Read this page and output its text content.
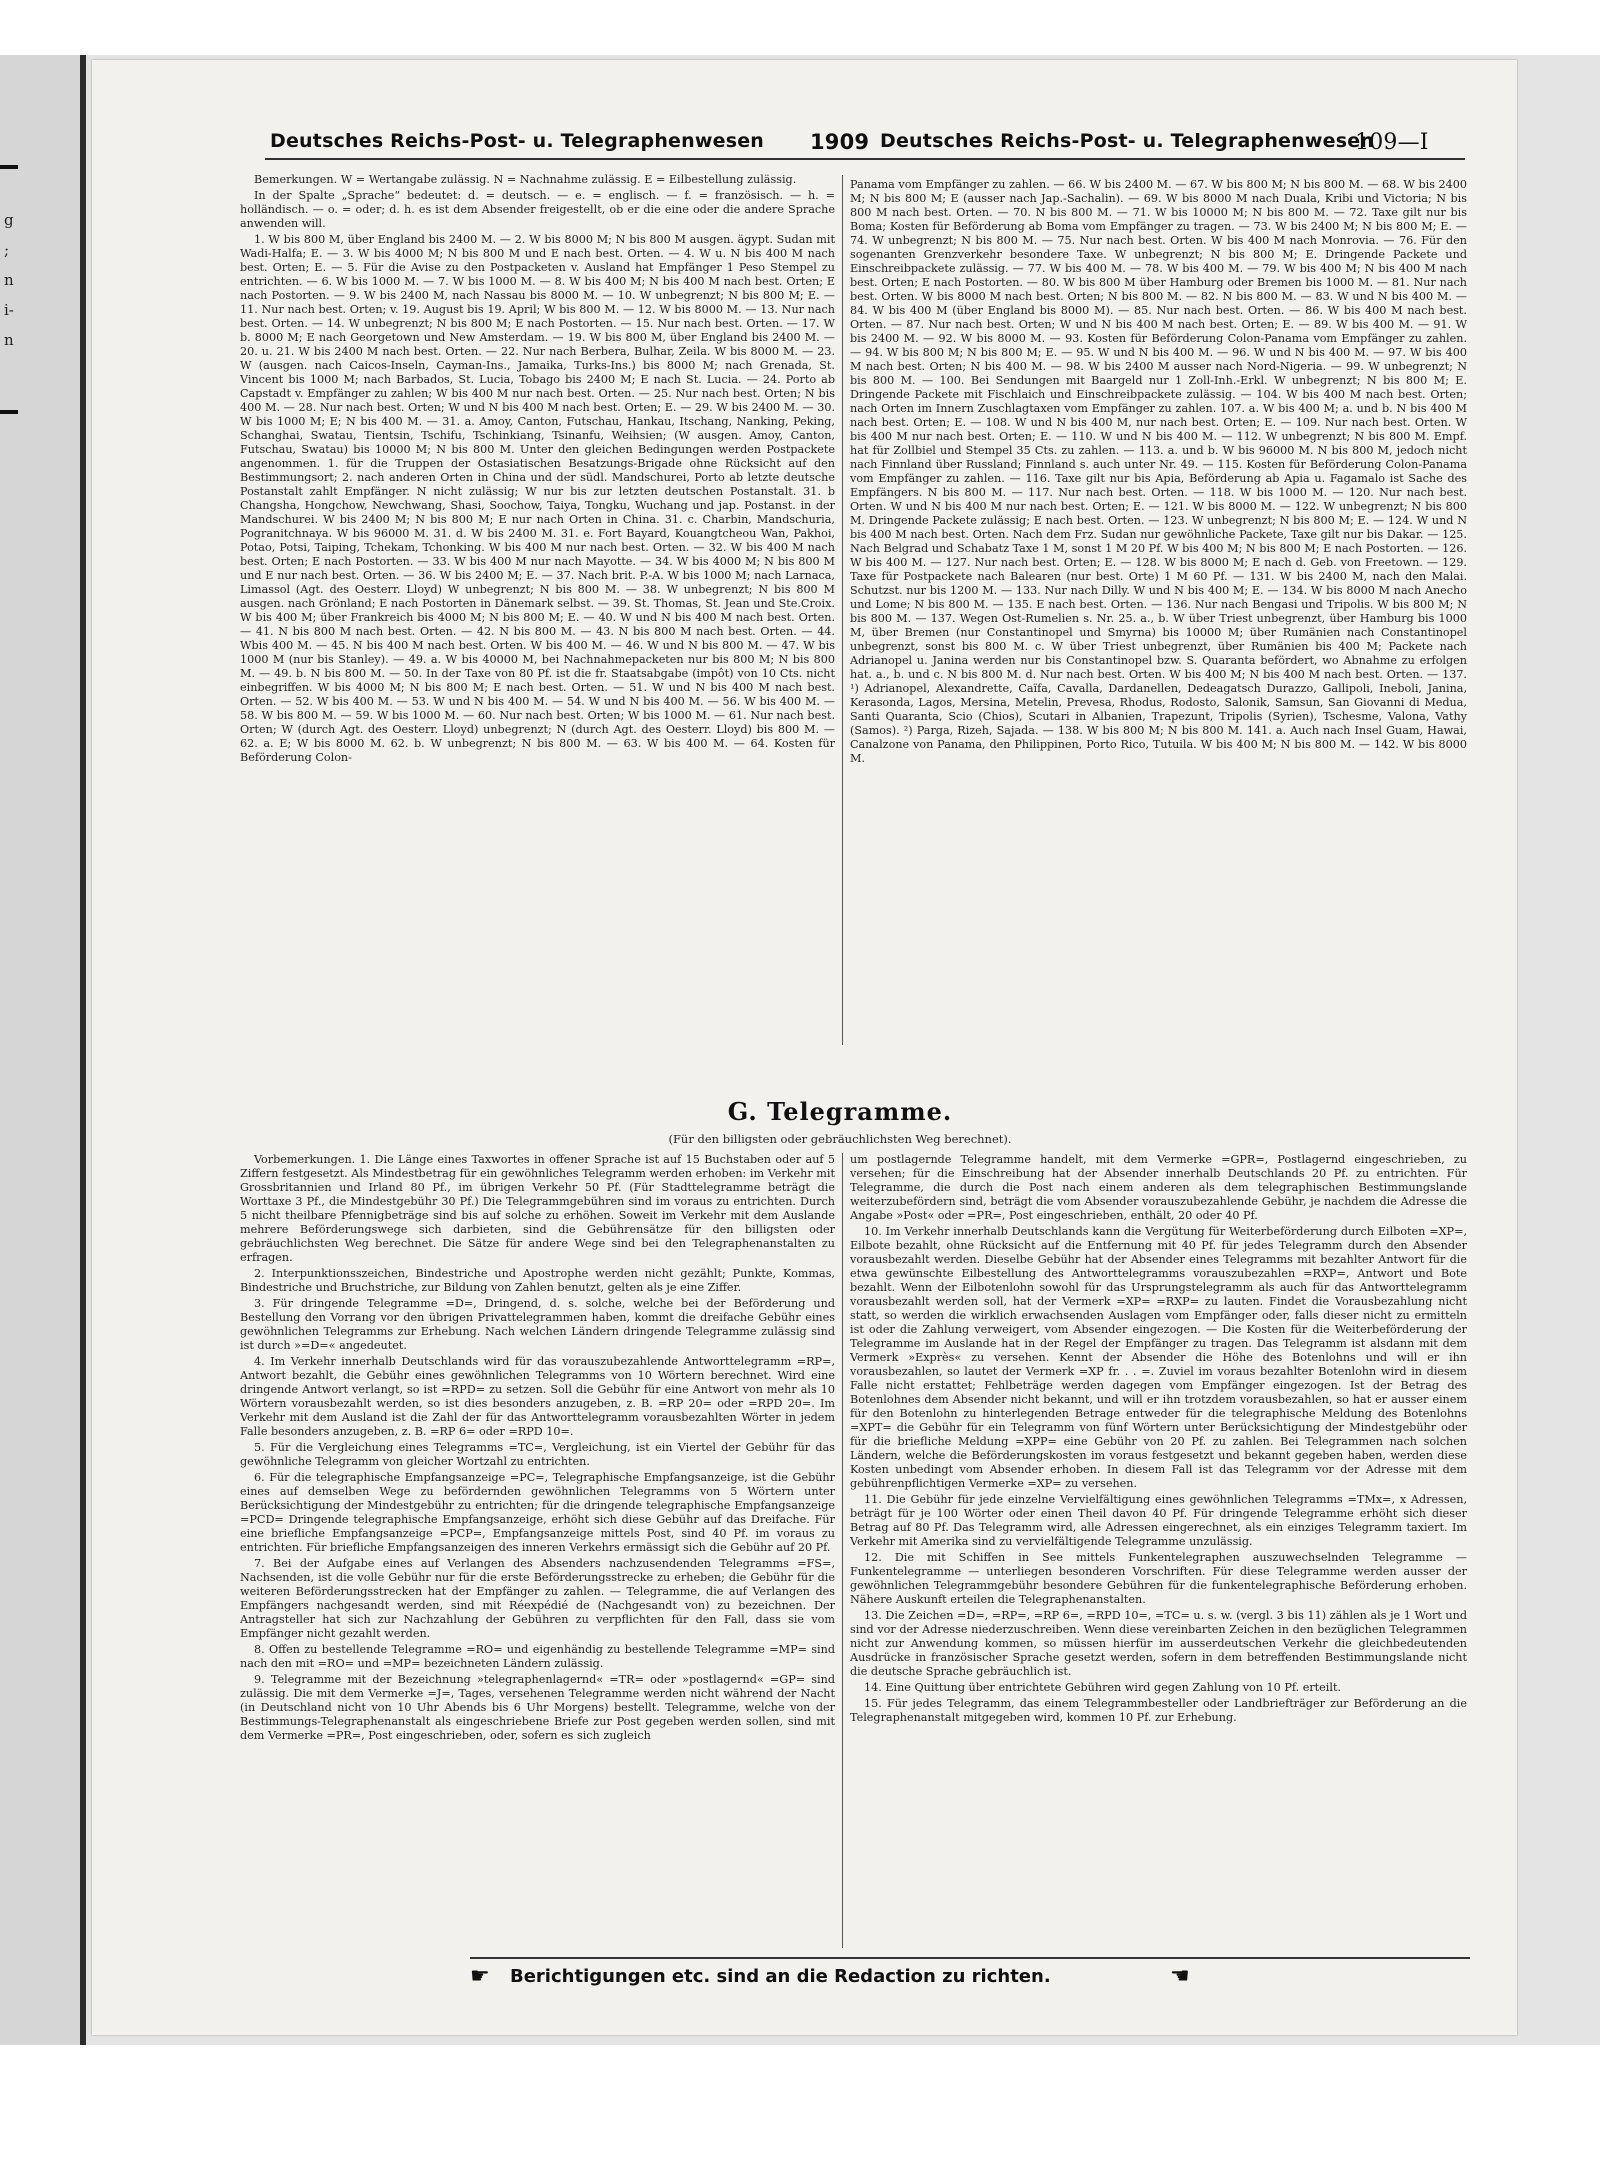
g
;
n
i-
n
Deutsches Reichs-Post- u. Telegraphenwesen 1909 Deutsches Reichs-Post- u. Telegraphenwesen
109—I

Bemerkungen. W = Wertangabe zulässig. N = Nachnahme zulässig. E = Eilbestellung zulässig.

In der Spalte „Sprache“ bedeutet: d. = deutsch. — e. = englisch. — f. = französisch. — h. = holländisch. — o. = oder; d. h. es ist dem Absender freigestellt, ob er die eine oder die andere Sprache anwenden will.

1. W bis 800 M, über England bis 2400 M. — 2. W bis 8000 M; N bis 800 M ausgen. ägypt. Sudan mit Wadi-Halfa; E. — 3. W bis 4000 M; N bis 800 M und E nach best. Orten. — 4. W u. N bis 400 M nach best. Orten; E. — 5. Für die Avise zu den Postpacketen v. Ausland hat Empfänger 1 Peso Stempel zu entrichten. — 6. W bis 1000 M. — 7. W bis 1000 M. — 8. W bis 400 M; N bis 400 M nach best. Orten; E nach Postorten. — 9. W bis 2400 M, nach Nassau bis 8000 M. — 10. W unbegrenzt; N bis 800 M; E. — 11. Nur nach best. Orten; v. 19. August bis 19. April; W bis 800 M. — 12. W bis 8000 M. — 13. Nur nach best. Orten. — 14. W unbegrenzt; N bis 800 M; E nach Postorten. — 15. Nur nach best. Orten. — 17. W b. 8000 M; E nach Georgetown und New Amsterdam. — 19. W bis 800 M, über England bis 2400 M. — 20. u. 21. W bis 2400 M nach best. Orten. — 22. Nur nach Berbera, Bulhar, Zeila. W bis 8000 M. — 23. W (ausgen. nach Caicos-Inseln, Cayman-Ins., Jamaika, Turks-Ins.) bis 8000 M; nach Grenada, St. Vincent bis 1000 M; nach Barbados, St. Lucia, Tobago bis 2400 M; E nach St. Lucia. — 24. Porto ab Capstadt v. Empfänger zu zahlen; W bis 400 M nur nach best. Orten. — 25. Nur nach best. Orten; N bis 400 M. — 28. Nur nach best. Orten; W und N bis 400 M nach best. Orten; E. — 29. W bis 2400 M. — 30. W bis 1000 M; E; N bis 400 M. — 31. a. Amoy, Canton, Futschau, Hankau, Itschang, Nanking, Peking, Schanghai, Swatau, Tientsin, Tschifu, Tschinkiang, Tsinanfu, Weihsien; (W ausgen. Amoy, Canton, Futschau, Swatau) bis 10000 M; N bis 800 M. Unter den gleichen Bedingungen werden Postpackete angenommen. 1. für die Truppen der Ostasiatischen Besatzungs-Brigade ohne Rücksicht auf den Bestimmungsort; 2. nach anderen Orten in China und der südl. Mandschurei, Porto ab letzte deutsche Postanstalt zahlt Empfänger. N nicht zulässig; W nur bis zur letzten deutschen Postanstalt. 31. b Changsha, Hongchow, Newchwang, Shasi, Soochow, Taiya, Tongku, Wuchang und jap. Postanst. in der Mandschurei. W bis 2400 M; N bis 800 M; E nur nach Orten in China. 31. c. Charbin, Mandschuria, Pogranitchnaya. W bis 96000 M. 31. d. W bis 2400 M. 31. e. Fort Bayard, Kouangtcheou Wan, Pakhoi, Potao, Potsi, Taiping, Tchekam, Tchonking. W bis 400 M nur nach best. Orten. — 32. W bis 400 M nach best. Orten; E nach Postorten. — 33. W bis 400 M nur nach Mayotte. — 34. W bis 4000 M; N bis 800 M und E nur nach best. Orten. — 36. W bis 2400 M; E. — 37. Nach brit. P.-A. W bis 1000 M; nach Larnaca, Limassol (Agt. des Oesterr. Lloyd) W unbegrenzt; N bis 800 M. — 38. W unbegrenzt; N bis 800 M ausgen. nach Grönland; E nach Postorten in Dänemark selbst. — 39. St. Thomas, St. Jean und Ste.Croix. W bis 400 M; über Frankreich bis 4000 M; N bis 800 M; E. — 40. W und N bis 400 M nach best. Orten. — 41. N bis 800 M nach best. Orten. — 42. N bis 800 M. — 43. N bis 800 M nach best. Orten. — 44. Wbis 400 M. — 45. N bis 400 M nach best. Orten. W bis 400 M. — 46. W und N bis 800 M. — 47. W bis 1000 M (nur bis Stanley). — 49. a. W bis 40000 M, bei Nachnahmepacketen nur bis 800 M; N bis 800 M. — 49. b. N bis 800 M. — 50. In der Taxe von 80 Pf. ist die fr. Staatsabgabe (impôt) von 10 Cts. nicht einbegriffen. W bis 4000 M; N bis 800 M; E nach best. Orten. — 51. W und N bis 400 M nach best. Orten. — 52. W bis 400 M. — 53. W und N bis 400 M. — 54. W und N bis 400 M. — 56. W bis 400 M. — 58. W bis 800 M. — 59. W bis 1000 M. — 60. Nur nach best. Orten; W bis 1000 M. — 61. Nur nach best. Orten; W (durch Agt. des Oesterr. Lloyd) unbegrenzt; N (durch Agt. des Oesterr. Lloyd) bis 800 M. — 62. a. E; W bis 8000 M. 62. b. W unbegrenzt; N bis 800 M. — 63. W bis 400 M. — 64. Kosten für Beförderung Colon-

Panama vom Empfänger zu zahlen. — 66. W bis 2400 M. — 67. W bis 800 M; N bis 800 M. — 68. W bis 2400 M; N bis 800 M; E (ausser nach Jap.-Sachalin). — 69. W bis 8000 M nach Duala, Kribi und Victoria; N bis 800 M nach best. Orten. — 70. N bis 800 M. — 71. W bis 10000 M; N bis 800 M. — 72. Taxe gilt nur bis Boma; Kosten für Beförderung ab Boma vom Empfänger zu tragen. — 73. W bis 2400 M; N bis 800 M; E. — 74. W unbegrenzt; N bis 800 M. — 75. Nur nach best. Orten. W bis 400 M nach Monrovia. — 76. Für den sogenanten Grenzverkehr besondere Taxe. W unbegrenzt; N bis 800 M; E. Dringende Packete und Einschreibpackete zulässig. — 77. W bis 400 M. — 78. W bis 400 M. — 79. W bis 400 M; N bis 400 M nach best. Orten; E nach Postorten. — 80. W bis 800 M über Hamburg oder Bremen bis 1000 M. — 81. Nur nach best. Orten. W bis 8000 M nach best. Orten; N bis 800 M. — 82. N bis 800 M. — 83. W und N bis 400 M. — 84. W bis 400 M (über England bis 8000 M). — 85. Nur nach best. Orten. — 86. W bis 400 M nach best. Orten. — 87. Nur nach best. Orten; W und N bis 400 M nach best. Orten; E. — 89. W bis 400 M. — 91. W bis 2400 M. — 92. W bis 8000 M. — 93. Kosten für Beförderung Colon-Panama vom Empfänger zu zahlen. — 94. W bis 800 M; N bis 800 M; E. — 95. W und N bis 400 M. — 96. W und N bis 400 M. — 97. W bis 400 M nach best. Orten; N bis 400 M. — 98. W bis 2400 M ausser nach Nord-Nigeria. — 99. W unbegrenzt; N bis 800 M. — 100. Bei Sendungen mit Baargeld nur 1 Zoll-Inh.-Erkl. W unbegrenzt; N bis 800 M; E. Dringende Packete mit Fischlaich und Einschreibpackete zulässig. — 104. W bis 400 M nach best. Orten; nach Orten im Innern Zuschlagtaxen vom Empfänger zu zahlen. 107. a. W bis 400 M; a. und b. N bis 400 M nach best. Orten; E. — 108. W und N bis 400 M, nur nach best. Orten; E. — 109. Nur nach best. Orten. W bis 400 M nur nach best. Orten; E. — 110. W und N bis 400 M. — 112. W unbegrenzt; N bis 800 M. Empf. hat für Zollbiel und Stempel 35 Cts. zu zahlen. — 113. a. und b. W bis 96000 M. N bis 800 M, jedoch nicht nach Finnland über Russland; Finnland s. auch unter Nr. 49. — 115. Kosten für Beförderung Colon-Panama vom Empfänger zu zahlen. — 116. Taxe gilt nur bis Apia, Beförderung ab Apia u. Fagamalo ist Sache des Empfängers. N bis 800 M. — 117. Nur nach best. Orten. — 118. W bis 1000 M. — 120. Nur nach best. Orten. W und N bis 400 M nur nach best. Orten; E. — 121. W bis 8000 M. — 122. W unbegrenzt; N bis 800 M. Dringende Packete zulässig; E nach best. Orten. — 123. W unbegrenzt; N bis 800 M; E. — 124. W und N bis 400 M nach best. Orten. Nach dem Frz. Sudan nur gewöhnliche Packete, Taxe gilt nur bis Dakar. — 125. Nach Belgrad und Schabatz Taxe 1 M, sonst 1 M 20 Pf. W bis 400 M; N bis 800 M; E nach Postorten. — 126. W bis 400 M. — 127. Nur nach best. Orten; E. — 128. W bis 8000 M; E nach d. Geb. von Freetown. — 129. Taxe für Postpackete nach Balearen (nur best. Orte) 1 M 60 Pf. — 131. W bis 2400 M, nach den Malai. Schutzst. nur bis 1200 M. — 133. Nur nach Dilly. W und N bis 400 M; E. — 134. W bis 8000 M nach Anecho und Lome; N bis 800 M. — 135. E nach best. Orten. — 136. Nur nach Bengasi und Tripolis. W bis 800 M; N bis 800 M. — 137. Wegen Ost-Rumelien s. Nr. 25. a., b. W über Triest unbegrenzt, über Hamburg bis 1000 M, über Bremen (nur Constantinopel und Smyrna) bis 10000 M; über Rumänien nach Constantinopel unbegrenzt, sonst bis 800 M. c. W über Triest unbegrenzt, über Rumänien bis 400 M; Packete nach Adrianopel u. Janina werden nur bis Constantinopel bzw. S. Quaranta befördert, wo Abnahme zu erfolgen hat. a., b. und c. N bis 800 M. d. Nur nach best. Orten. W bis 400 M; N bis 400 M nach best. Orten. — 137. ¹) Adrianopel, Alexandrette, Caïfa, Cavalla, Dardanellen, Dedeagatsch Durazzo, Gallipoli, Ineboli, Janina, Kerasonda, Lagos, Mersina, Metelin, Prevesa, Rhodus, Rodosto, Salonik, Samsun, San Giovanni di Medua, Santi Quaranta, Scio (Chios), Scutari in Albanien, Trapezunt, Tripolis (Syrien), Tschesme, Valona, Vathy (Samos). ²) Parga, Rizeh, Sajada. — 138. W bis 800 M; N bis 800 M. 141. a. Auch nach Insel Guam, Hawai, Canalzone von Panama, den Philippinen, Porto Rico, Tutuila. W bis 400 M; N bis 800 M. — 142. W bis 8000 M.

G. Telegramme.
(Für den billigsten oder gebräuchlichsten Weg berechnet).

Vorbemerkungen. 1. Die Länge eines Taxwortes in offener Sprache ist auf 15 Buchstaben oder auf 5 Ziffern festgesetzt. Als Mindestbetrag für ein gewöhnliches Telegramm werden erhoben: im Verkehr mit Grossbritannien und Irland 80 Pf., im übrigen Verkehr 50 Pf. (Für Stadttelegramme beträgt die Worttaxe 3 Pf., die Mindestgebühr 30 Pf.) Die Telegrammgebühren sind im voraus zu entrichten. Durch 5 nicht theilbare Pfennigbeträge sind bis auf solche zu erhöhen. Soweit im Verkehr mit dem Auslande mehrere Beförderungswege sich darbieten, sind die Gebührensätze für den billigsten oder gebräuchlichsten Weg berechnet. Die Sätze für andere Wege sind bei den Telegraphenanstalten zu erfragen.

2. Interpunktionsszeichen, Bindestriche und Apostrophe werden nicht gezählt; Punkte, Kommas, Bindestriche und Bruchstriche, zur Bildung von Zahlen benutzt, gelten als je eine Ziffer.

3. Für dringende Telegramme =D=, Dringend, d. s. solche, welche bei der Beförderung und Bestellung den Vorrang vor den übrigen Privattelegrammen haben, kommt die dreifache Gebühr eines gewöhnlichen Telegramms zur Erhebung. Nach welchen Ländern dringende Telegramme zulässig sind ist durch »=D=« angedeutet.

4. Im Verkehr innerhalb Deutschlands wird für das vorauszubezahlende Antworttelegramm =RP=, Antwort bezahlt, die Gebühr eines gewöhnlichen Telegramms von 10 Wörtern berechnet. Wird eine dringende Antwort verlangt, so ist =RPD= zu setzen. Soll die Gebühr für eine Antwort von mehr als 10 Wörtern vorausbezahlt werden, so ist dies besonders anzugeben, z. B. =RP 20= oder =RPD 20=. Im Verkehr mit dem Ausland ist die Zahl der für das Antworttelegramm vorausbezahlten Wörter in jedem Falle besonders anzugeben, z. B. =RP 6= oder =RPD 10=.

5. Für die Vergleichung eines Telegramms =TC=, Vergleichung, ist ein Viertel der Gebühr für das gewöhnliche Telegramm von gleicher Wortzahl zu entrichten.

6. Für die telegraphische Empfangsanzeige =PC=, Telegraphische Empfangsanzeige, ist die Gebühr eines auf demselben Wege zu befördernden gewöhnlichen Telegramms von 5 Wörtern unter Berücksichtigung der Mindestgebühr zu entrichten; für die dringende telegraphische Empfangsanzeige =PCD= Dringende telegraphische Empfangsanzeige, erhöht sich diese Gebühr auf das Dreifache. Für eine briefliche Empfangsanzeige =PCP=, Empfangsanzeige mittels Post, sind 40 Pf. im voraus zu entrichten. Für briefliche Empfangsanzeigen des inneren Verkehrs ermässigt sich die Gebühr auf 20 Pf.

7. Bei der Aufgabe eines auf Verlangen des Absenders nachzusendenden Telegramms =FS=, Nachsenden, ist die volle Gebühr nur für die erste Beförderungsstrecke zu erheben; die Gebühr für die weiteren Beförderungsstrecken hat der Empfänger zu zahlen. — Telegramme, die auf Verlangen des Empfängers nachgesandt werden, sind mit Réexpédié de (Nachgesandt von) zu bezeichnen. Der Antragsteller hat sich zur Nachzahlung der Gebühren zu verpflichten für den Fall, dass sie vom Empfänger nicht gezahlt werden.

8. Offen zu bestellende Telegramme =RO= und eigenhändig zu bestellende Telegramme =MP= sind nach den mit =RO= und =MP= bezeichneten Ländern zulässig.

9. Telegramme mit der Bezeichnung »telegraphenlagernd« =TR= oder »postlagernd« =GP= sind zulässig. Die mit dem Vermerke =J=, Tages, versehenen Telegramme werden nicht während der Nacht (in Deutschland nicht von 10 Uhr Abends bis 6 Uhr Morgens) bestellt. Telegramme, welche von der Bestimmungs-Telegraphenanstalt als eingeschriebene Briefe zur Post gegeben werden sollen, sind mit dem Vermerke =PR=, Post eingeschrieben, oder, sofern es sich zugleich

um postlagernde Telegramme handelt, mit dem Vermerke =GPR=, Postlagernd eingeschrieben, zu versehen; für die Einschreibung hat der Absender innerhalb Deutschlands 20 Pf. zu entrichten. Für Telegramme, die durch die Post nach einem anderen als dem telegraphischen Bestimmungslande weiterzubefördern sind, beträgt die vom Absender vorauszubezahlende Gebühr, je nachdem die Adresse die Angabe »Post« oder =PR=, Post eingeschrieben, enthält, 20 oder 40 Pf.

10. Im Verkehr innerhalb Deutschlands kann die Vergütung für Weiterbeförderung durch Eilboten =XP=, Eilbote bezahlt, ohne Rücksicht auf die Entfernung mit 40 Pf. für jedes Telegramm durch den Absender vorausbezahlt werden. Dieselbe Gebühr hat der Absender eines Telegramms mit bezahlter Antwort für die etwa gewünschte Eilbestellung des Antworttelegramms vorauszubezahlen =RXP=, Antwort und Bote bezahlt. Wenn der Eilbotenlohn sowohl für das Ursprungstelegramm als auch für das Antworttelegramm vorausbezahlt werden soll, hat der Vermerk =XP= =RXP= zu lauten. Findet die Vorausbezahlung nicht statt, so werden die wirklich erwachsenden Auslagen vom Empfänger oder, falls dieser nicht zu ermitteln ist oder die Zahlung verweigert, vom Absender eingezogen. — Die Kosten für die Weiterbeförderung der Telegramme im Auslande hat in der Regel der Empfänger zu tragen. Das Telegramm ist alsdann mit dem Vermerk »Exprès« zu versehen. Kennt der Absender die Höhe des Botenlohns und will er ihn vorausbezahlen, so lautet der Vermerk =XP fr. . . =. Zuviel im voraus bezahlter Botenlohn wird in diesem Falle nicht erstattet; Fehlbeträge werden dagegen vom Empfänger eingezogen. Ist der Betrag des Botenlohnes dem Absender nicht bekannt, und will er ihn trotzdem vorausbezahlen, so hat er ausser einem für den Botenlohn zu hinterlegenden Betrage entweder für die telegraphische Meldung des Botenlohns =XPT= die Gebühr für ein Telegramm von fünf Wörtern unter Berücksichtigung der Mindestgebühr oder für die briefliche Meldung =XPP= eine Gebühr von 20 Pf. zu zahlen. Bei Telegrammen nach solchen Ländern, welche die Beförderungskosten im voraus festgesetzt und bekannt gegeben haben, werden diese Kosten unbedingt vom Absender erhoben. In diesem Fall ist das Telegramm vor der Adresse mit dem gebührenpflichtigen Vermerke =XP= zu versehen.

11. Die Gebühr für jede einzelne Vervielfältigung eines gewöhnlichen Telegramms =TMx=, x Adressen, beträgt für je 100 Wörter oder einen Theil davon 40 Pf. Für dringende Telegramme erhöht sich dieser Betrag auf 80 Pf. Das Telegramm wird, alle Adressen eingerechnet, als ein einziges Telegramm taxiert. Im Verkehr mit Amerika sind zu vervielfältigende Telegramme unzulässig.

12. Die mit Schiffen in See mittels Funkentelegraphen auszuwechselnden Telegramme — Funkentelegramme — unterliegen besonderen Vorschriften. Für diese Telegramme werden ausser der gewöhnlichen Telegrammgebühr besondere Gebühren für die funkentelegraphische Beförderung erhoben. Nähere Auskunft erteilen die Telegraphenanstalten.

13. Die Zeichen =D=, =RP=, =RP 6=, =RPD 10=, =TC= u. s. w. (vergl. 3 bis 11) zählen als je 1 Wort und sind vor der Adresse niederzuschreiben. Wenn diese vereinbarten Zeichen in den bezüglichen Telegrammen nicht zur Anwendung kommen, so müssen hierfür im ausserdeutschen Verkehr die gleichbedeutenden Ausdrücke in französischer Sprache gesetzt werden, sofern in dem betreffenden Bestimmungslande nicht die deutsche Sprache gebräuchlich ist.

14. Eine Quittung über entrichtete Gebühren wird gegen Zahlung von 10 Pf. erteilt.

15. Für jedes Telegramm, das einem Telegrammbesteller oder Landbriefträger zur Beförderung an die Telegraphenanstalt mitgegeben wird, kommen 10 Pf. zur Erhebung.

☛ Berichtigungen etc. sind an die Redaction zu richten.	☚
